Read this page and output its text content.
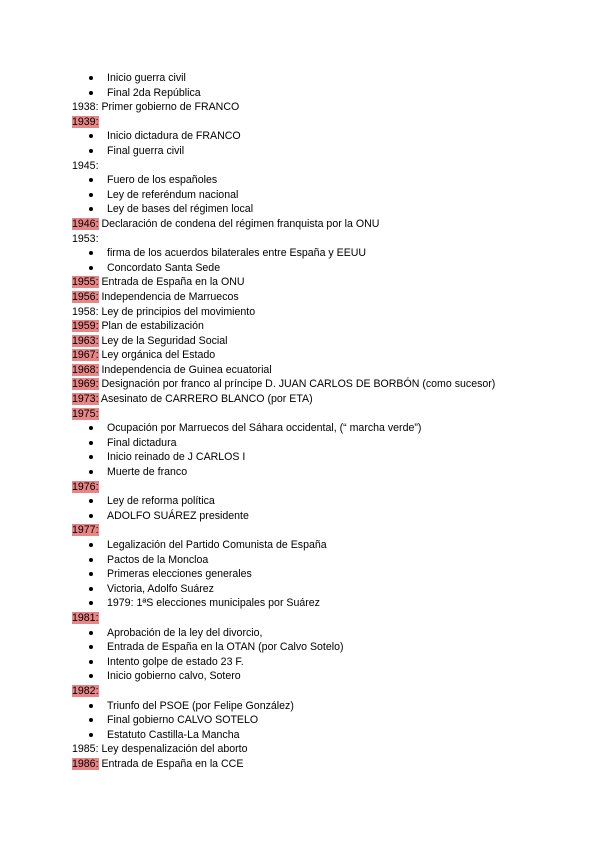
Inicio guerra civil
Final 2da República
1938: Primer gobierno de FRANCO
1939:
Inicio dictadura de FRANCO
Final guerra civil
1945:
Fuero de los españoles
Ley de referéndum nacional
Ley de bases del régimen local
1946: Declaración de condena del régimen franquista por la ONU
1953:
firma de los acuerdos bilaterales entre España y EEUU
Concordato Santa Sede
1955: Entrada de España en la ONU
1956: Independencia de Marruecos
1958: Ley de principios del movimiento
1959: Plan de estabilización
1963: Ley de la Seguridad Social
1967: Ley orgánica del Estado
1968: Independencia de Guinea ecuatorial
1969: Designación por franco al príncipe D. JUAN CARLOS DE BORBÓN (como sucesor)
1973: Asesinato de CARRERO BLANCO (por ETA)
1975:
Ocupación por Marruecos del Sáhara occidental, (“ marcha verde”)
Final dictadura
Inicio reinado de J CARLOS I
Muerte de franco
1976:
Ley de reforma política
ADOLFO SUÁREZ presidente
1977:
Legalización del Partido Comunista de España
Pactos de la Moncloa
Primeras elecciones generales
Victoria, Adolfo Suárez
1979: 1ªS elecciones municipales por Suárez
1981:
Aprobación de la ley del divorcio,
Entrada de España en la OTAN (por Calvo Sotelo)
Intento golpe de estado 23 F.
Inicio gobierno calvo, Sotero
1982:
Triunfo del PSOE (por Felipe González)
Final gobierno CALVO SOTELO
Estatuto Castilla-La Mancha
1985: Ley despenalización del aborto
1986: Entrada de España en la CCE
